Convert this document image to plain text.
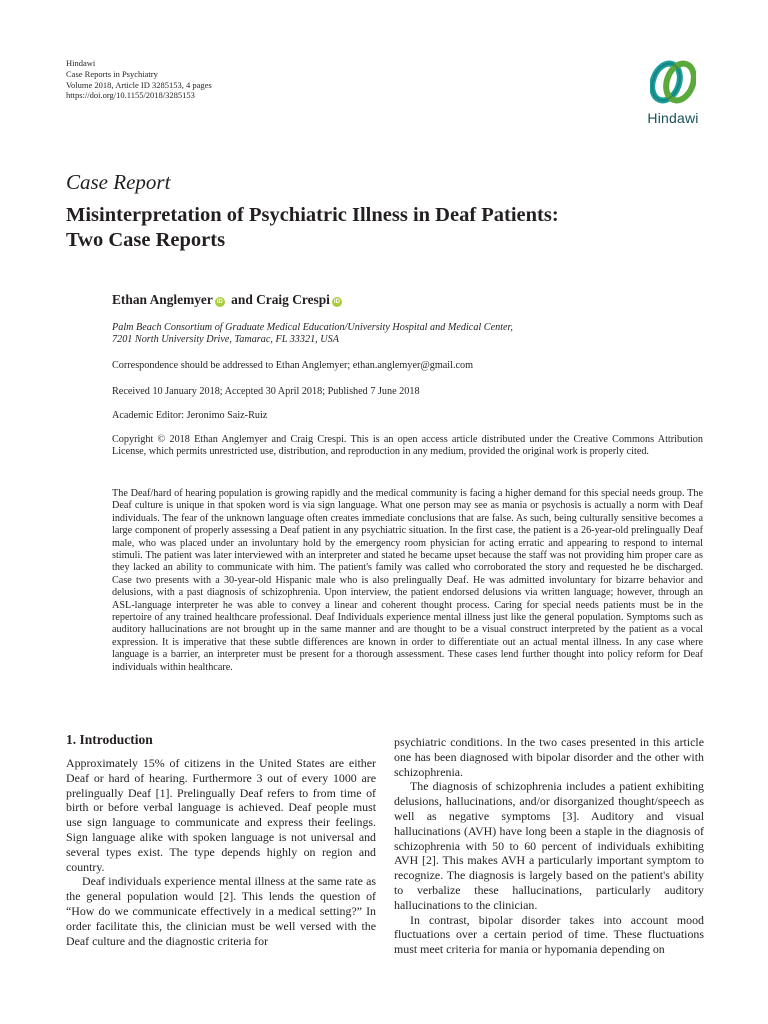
Hindawi
Case Reports in Psychiatry
Volume 2018, Article ID 3285153, 4 pages
https://doi.org/10.1155/2018/3285153
Hindawi
Case Report
Misinterpretation of Psychiatric Illness in Deaf Patients:
Two Case Reports
Ethan Anglemyer iD and Craig Crespi iD
Palm Beach Consortium of Graduate Medical Education/University Hospital and Medical Center,
7201 North University Drive, Tamarac, FL 33321, USA
Correspondence should be addressed to Ethan Anglemyer; ethan.anglemyer@gmail.com
Received 10 January 2018; Accepted 30 April 2018; Published 7 June 2018
Academic Editor: Jeronimo Saiz-Ruiz
Copyright © 2018 Ethan Anglemyer and Craig Crespi. This is an open access article distributed under the Creative Commons Attribution License, which permits unrestricted use, distribution, and reproduction in any medium, provided the original work is properly cited.
The Deaf/hard of hearing population is growing rapidly and the medical community is facing a higher demand for this special needs group. The Deaf culture is unique in that spoken word is via sign language. What one person may see as mania or psychosis is actually a norm with Deaf individuals. The fear of the unknown language often creates immediate conclusions that are false. As such, being culturally sensitive becomes a large component of properly assessing a Deaf patient in any psychiatric situation. In the first case, the patient is a 26-year-old prelingually Deaf male, who was placed under an involuntary hold by the emergency room physician for acting erratic and appearing to respond to internal stimuli. The patient was later interviewed with an interpreter and stated he became upset because the staff was not providing him proper care as they lacked an ability to communicate with him. The patient's family was called who corroborated the story and requested he be discharged. Case two presents with a 30-year-old Hispanic male who is also prelingually Deaf. He was admitted involuntary for bizarre behavior and delusions, with a past diagnosis of schizophrenia. Upon interview, the patient endorsed delusions via written language; however, through an ASL-language interpreter he was able to convey a linear and coherent thought process. Caring for special needs patients must be in the repertoire of any trained healthcare professional. Deaf Individuals experience mental illness just like the general population. Symptoms such as auditory hallucinations are not brought up in the same manner and are thought to be a visual construct interpreted by the patient as a vocal expression. It is imperative that these subtle differences are known in order to differentiate out an actual mental illness. In any case where language is a barrier, an interpreter must be present for a thorough assessment. These cases lend further thought into policy reform for Deaf individuals within healthcare.
1. Introduction

Approximately 15% of citizens in the United States are either Deaf or hard of hearing. Furthermore 3 out of every 1000 are prelingually Deaf [1]. Prelingually Deaf refers to from time of birth or before verbal language is achieved. Deaf people must use sign language to communicate and express their feelings. Sign language alike with spoken language is not universal and several types exist. The type depends highly on region and country.

Deaf individuals experience mental illness at the same rate as the general population would [2]. This lends the question of “How do we communicate effectively in a medical setting?” In order facilitate this, the clinician must be well versed with the Deaf culture and the diagnostic criteria for

psychiatric conditions. In the two cases presented in this article one has been diagnosed with bipolar disorder and the other with schizophrenia.

The diagnosis of schizophrenia includes a patient exhibiting delusions, hallucinations, and/or disorganized thought/speech as well as negative symptoms [3]. Auditory and visual hallucinations (AVH) have long been a staple in the diagnosis of schizophrenia with 50 to 60 percent of individuals exhibiting AVH [2]. This makes AVH a particularly important symptom to recognize. The diagnosis is largely based on the patient's ability to verbalize these hallucinations, particularly auditory hallucinations to the clinician.

In contrast, bipolar disorder takes into account mood fluctuations over a certain period of time. These fluctuations must meet criteria for mania or hypomania depending on
